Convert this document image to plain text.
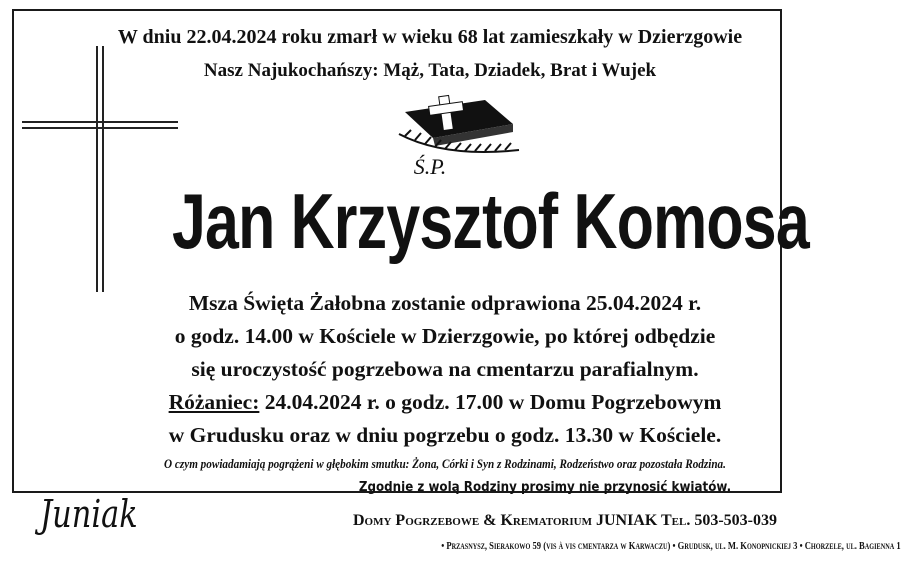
W dniu 22.04.2024 roku zmarł w wieku 68 lat zamieszkały w Dzierzgowie
Nasz Najukochańszy: Mąż, Tata, Dziadek, Brat i Wujek
Ś.P.
Jan Krzysztof Komosa
Msza Święta Żałobna zostanie odprawiona 25.04.2024 r.
o godz. 14.00 w Kościele w Dzierzgowie, po której odbędzie
się uroczystość pogrzebowa na cmentarzu parafialnym.
Różaniec: 24.04.2024 r. o godz. 17.00 w Domu Pogrzebowym
w Grudusku oraz w dniu pogrzebu o godz. 13.30 w Kościele.
O czym powiadamiają pogrążeni w głębokim smutku: Żona, Córki i Syn z Rodzinami, Rodzeństwo oraz pozostała Rodzina.
Zgodnie z wolą Rodziny prosimy nie przynosić kwiatów.
Juniak	Domy Pogrzebowe & Krematorium JUNIAK Tel. 503-503-039
• Przasnysz, Sierakowo 59 (vis à vis cmentarza w Karwaczu) • Grudusk, ul. M. Konopnickiej 3 • Chorzele, ul. Bagienna 1
